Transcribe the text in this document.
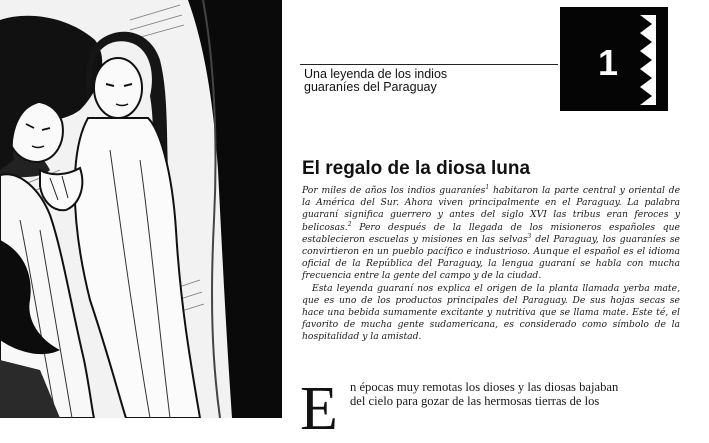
Una leyenda de los indios
guaraníes del Paraguay
1
El regalo de la diosa luna

Por miles de años los indios guaraníes$^1$ habitaron la parte central y oriental de la América del Sur. Ahora viven principalmente en el Paraguay. La palabra guaraní significa guerrero y antes del siglo XVI las tribus eran feroces y belicosas.$^2$ Pero después de la llegada de los misioneros españoles que establecieron escuelas y misiones en las selvas$^3$ del Paraguay, los guaraníes se convirtieron en un pueblo pacífico e industrioso. Aunque el español es el idioma oficial de la República del Paraguay, la lengua guaraní se habla con mucha frecuencia entre la gente del campo y de la ciudad.

Esta leyenda guaraní nos explica el origen de la planta llamada yerba mate, que es uno de los productos principales del Paraguay. De sus hojas secas se hace una bebida sumamente excitante y nutritiva que se llama mate. Este té, el favorito de mucha gente sudamericana, es considerado como símbolo de la hospitalidad y la amistad.

E n épocas muy remotas los dioses y las diosas bajaban

del cielo para gozar de las hermosas tierras de los
